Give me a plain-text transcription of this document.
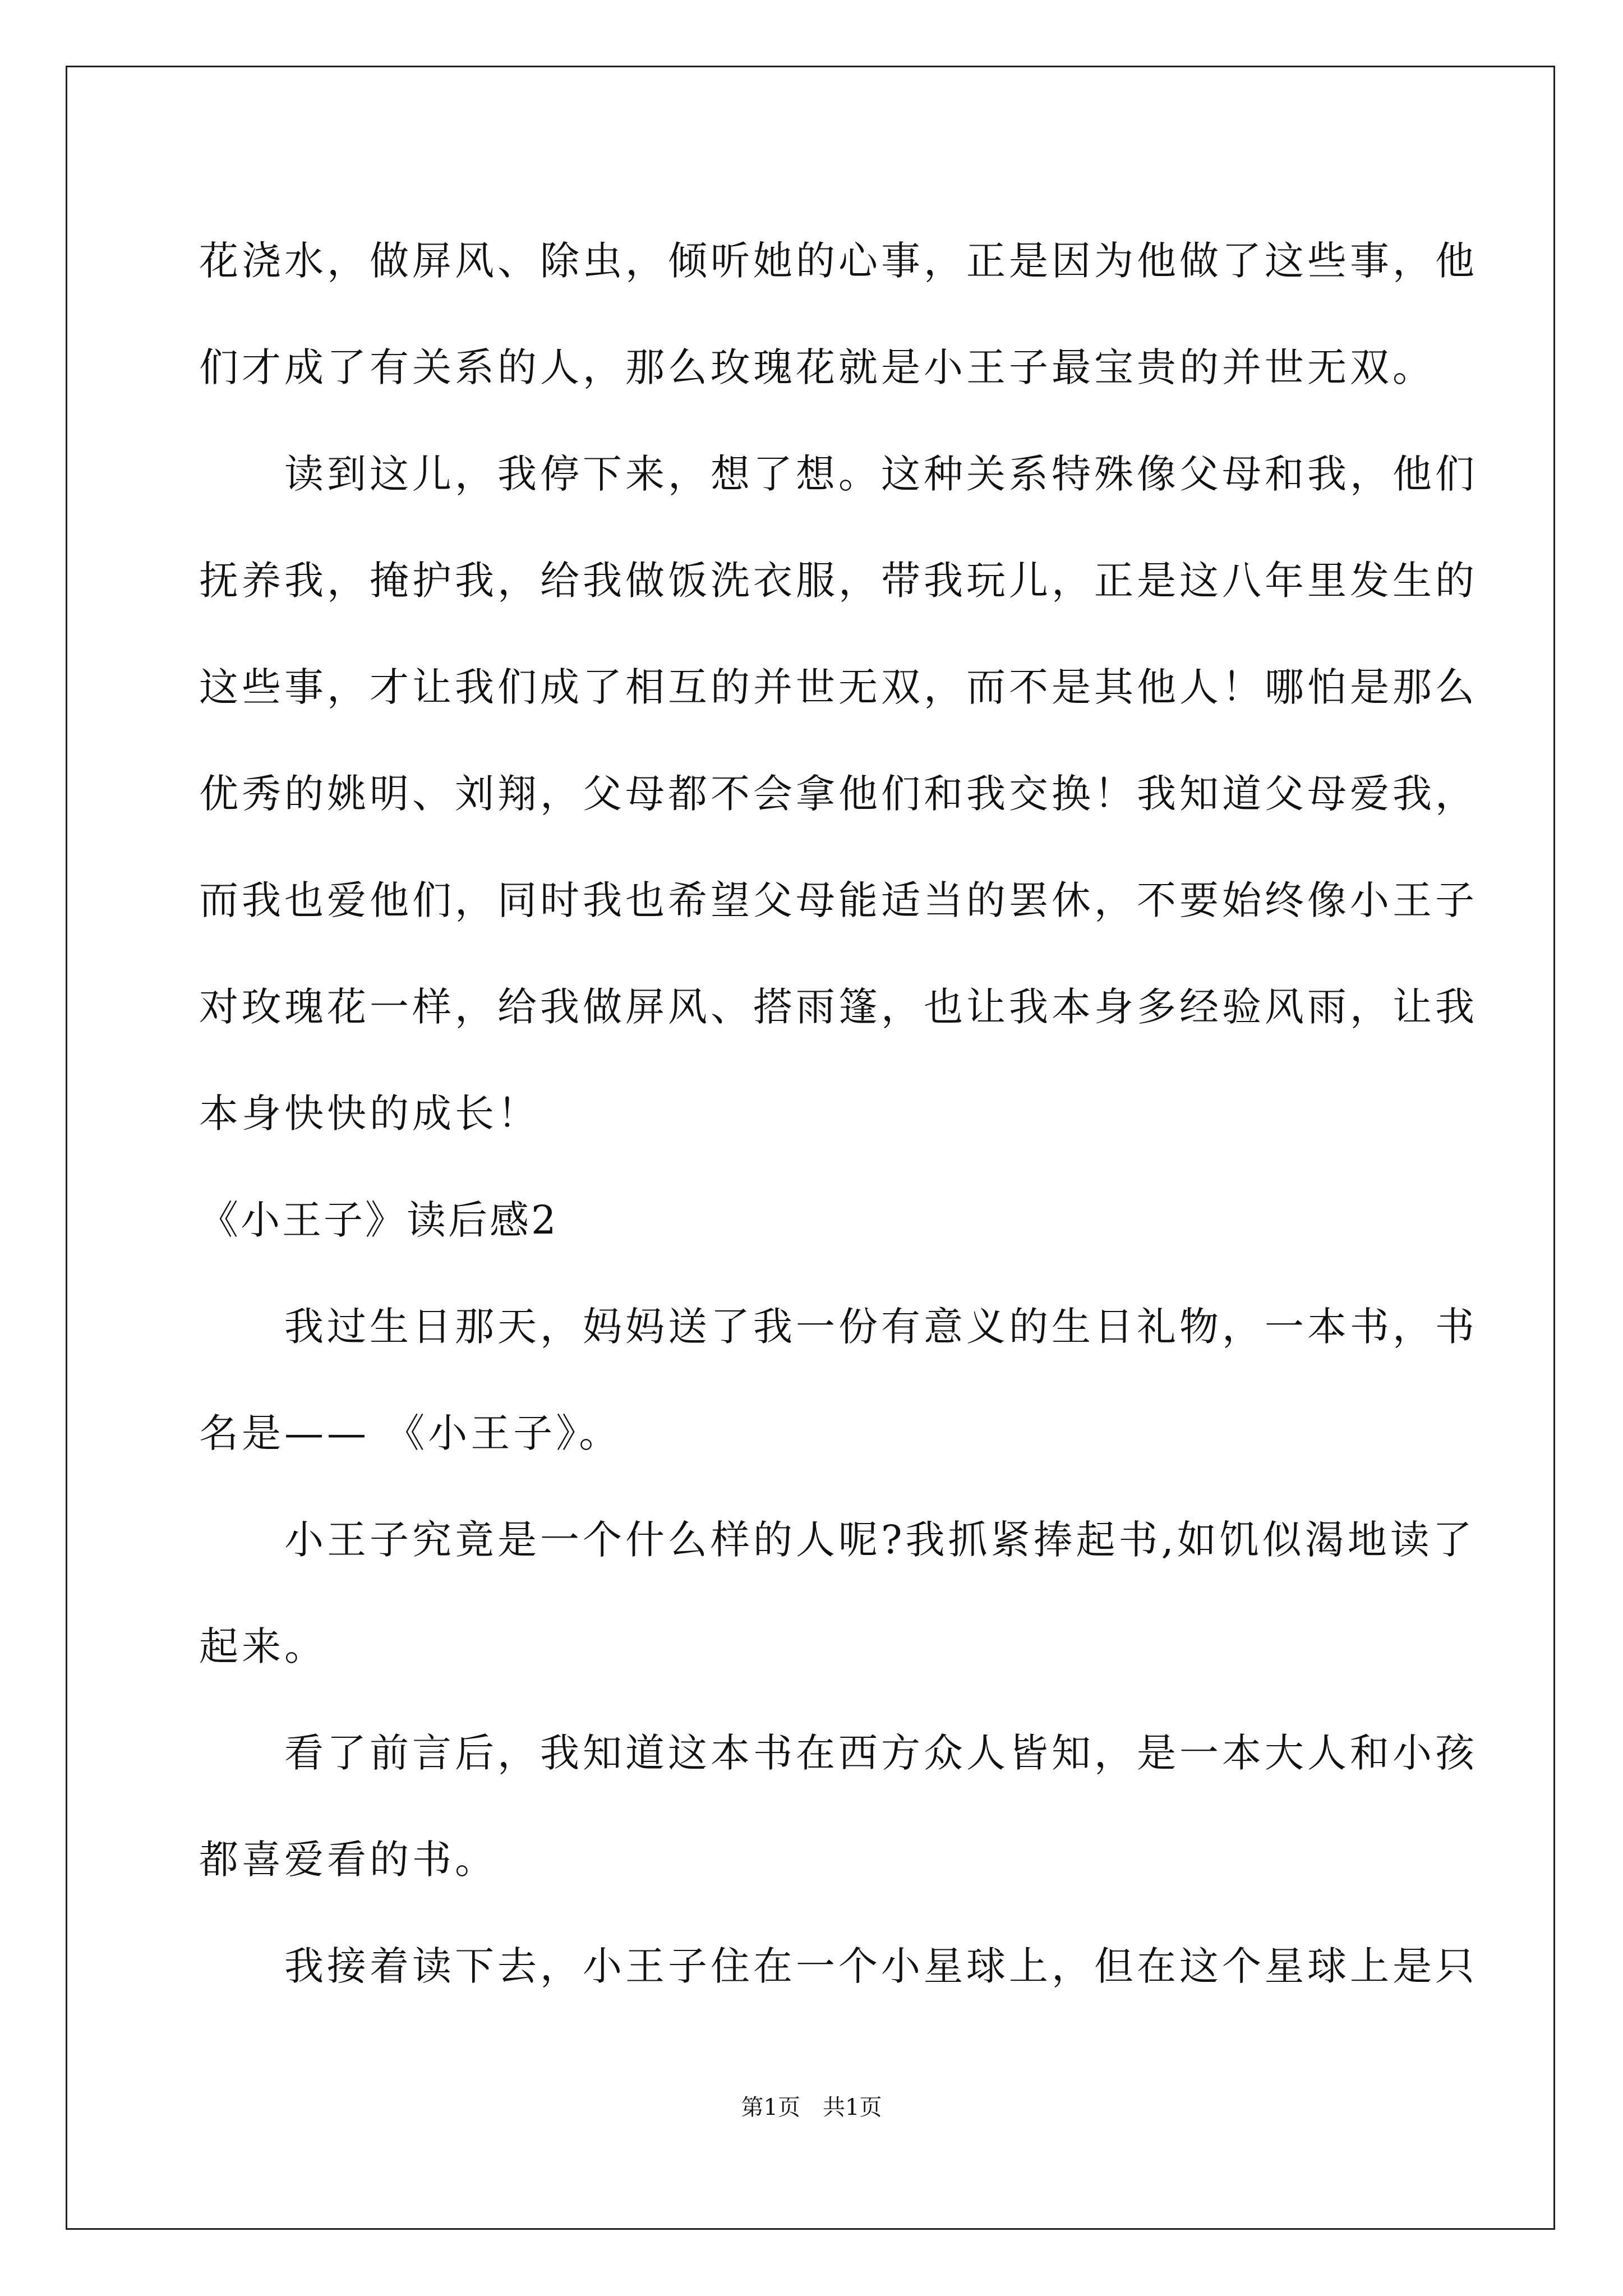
花浇水，做屏风、除虫，倾听她的心事，正是因为他做了这些事，他
们才成了有关系的人，那么玫瑰花就是小王子最宝贵的并世无双。
　　读到这儿，我停下来，想了想。这种关系特殊像父母和我，他们
抚养我，掩护我，给我做饭洗衣服，带我玩儿，正是这八年里发生的
这些事，才让我们成了相互的并世无双，而不是其他人！哪怕是那么
优秀的姚明、刘翔，父母都不会拿他们和我交换！我知道父母爱我，
而我也爱他们，同时我也希望父母能适当的罢休，不要始终像小王子
对玫瑰花一样，给我做屏风、搭雨篷，也让我本身多经验风雨，让我
本身快快的成长！
《小王子》读后感2
　　我过生日那天，妈妈送了我一份有意义的生日礼物，一本书，书
名是—— 《小王子》。
　　小王子究竟是一个什么样的人呢?我抓紧捧起书,如饥似渴地读了
起来。
　　看了前言后，我知道这本书在西方众人皆知，是一本大人和小孩
都喜爱看的书。
　　我接着读下去，小王子住在一个小星球上，但在这个星球上是只
第1页　共1页
